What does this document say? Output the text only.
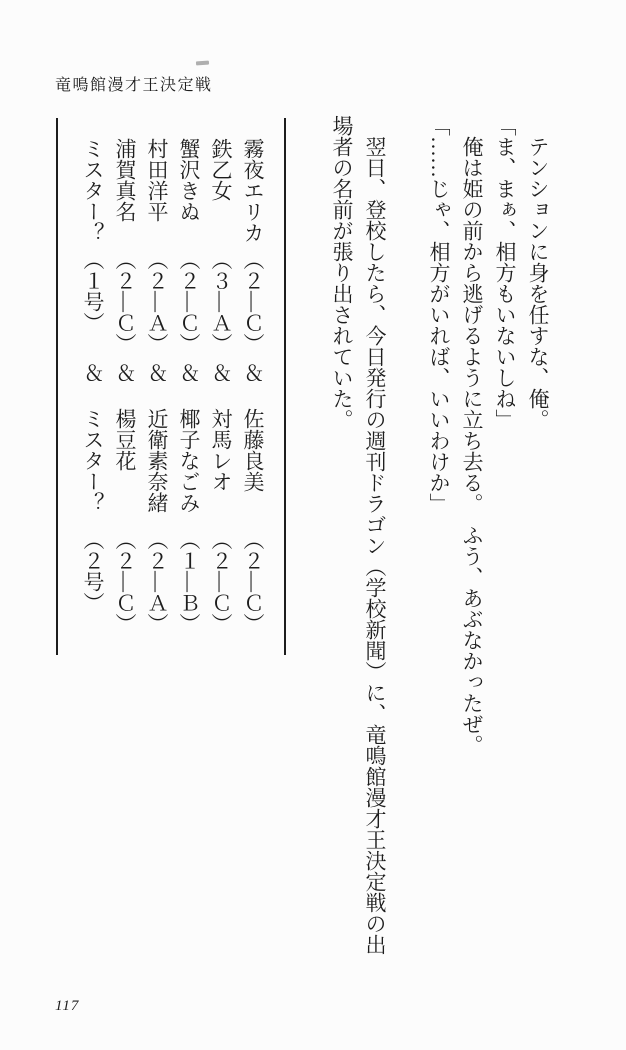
竜鳴館漫才王決定戦

　テンションに身を任すな、俺。

「ま、まぁ、相方もいないしね」

　俺は姫の前から逃げるように立ち去る。　ふう、あぶなかったぜ。

「……じゃ、相方がいれば、いいわけか」

　翌日、登校したら、今日発行の週刊ドラゴン（学校新聞）に、竜鳴館漫才王決定戦の出

場者の名前が張り出されていた。

霧夜エリカ
（２―Ｃ）
＆
佐藤良美
（２―Ｃ）
鉄乙女
（３―Ａ）
＆
対馬レオ
（２―Ｃ）
蟹沢きぬ
（２―Ｃ）
＆
椰子なごみ
（１―Ｂ）
村田洋平
（２―Ａ）
＆
近衛素奈緒
（２―Ａ）
浦賀真名
（２―Ｃ）
＆
楊豆花
（２―Ｃ）
ミスター？
（１号）
＆
ミスター？
（２号）
117
